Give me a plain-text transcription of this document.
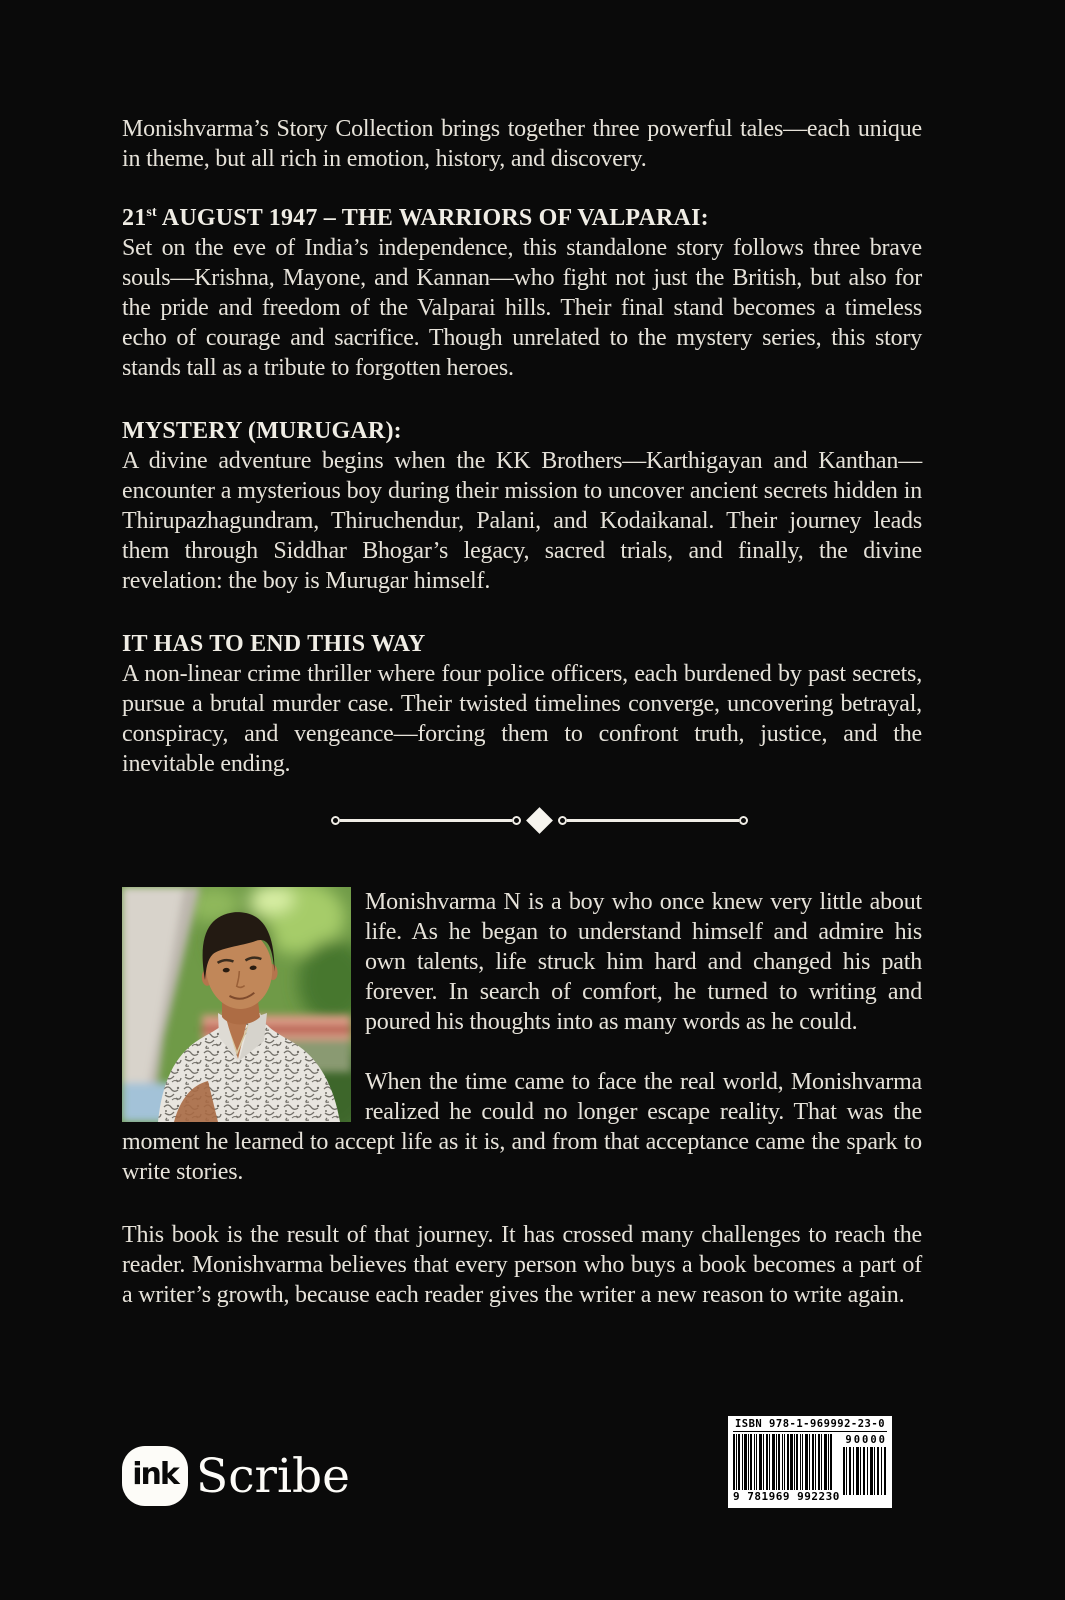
Monishvarma’s Story Collection brings together three powerful tales—each unique in theme, but all rich in emotion, history, and discovery.

21st AUGUST 1947 – THE WARRIORS OF VALPARAI:

Set on the eve of India’s independence, this standalone story follows three brave souls—Krishna, Mayone, and Kannan—who fight not just the British, but also for the pride and freedom of the Valparai hills. Their final stand becomes a timeless echo of courage and sacrifice. Though unrelated to the mystery series, this story stands tall as a tribute to forgotten heroes.

MYSTERY (MURUGAR):

A divine adventure begins when the KK Brothers—Karthigayan and Kanthan—encounter a mysterious boy during their mission to uncover ancient secrets hidden in Thirupazhagundram, Thiruchendur, Palani, and Kodaikanal. Their journey leads them through Siddhar Bhogar’s legacy, sacred trials, and finally, the divine revelation: the boy is Murugar himself.

IT HAS TO END THIS WAY

A non-linear crime thriller where four police officers, each burdened by past secrets, pursue a brutal murder case. Their twisted timelines converge, uncovering betrayal, conspiracy, and vengeance—forcing them to confront truth, justice, and the inevitable ending.

Monishvarma N is a boy who once knew very little about life. As he began to understand himself and admire his own talents, life struck him hard and changed his path forever. In search of comfort, he turned to writing and poured his thoughts into as many words as he could.

When the time came to face the real world, Monishvarma realized he could no longer escape reality. That was the moment he learned to accept life as it is, and from that acceptance came the spark to write stories.

This book is the result of that journey. It has crossed many challenges to reach the reader. Monishvarma believes that every person who buys a book becomes a part of a writer’s growth, because each reader gives the writer a new reason to write again.

ink Scribe
ISBN 978-1-969992-23-0
9 781969 992230
90000
